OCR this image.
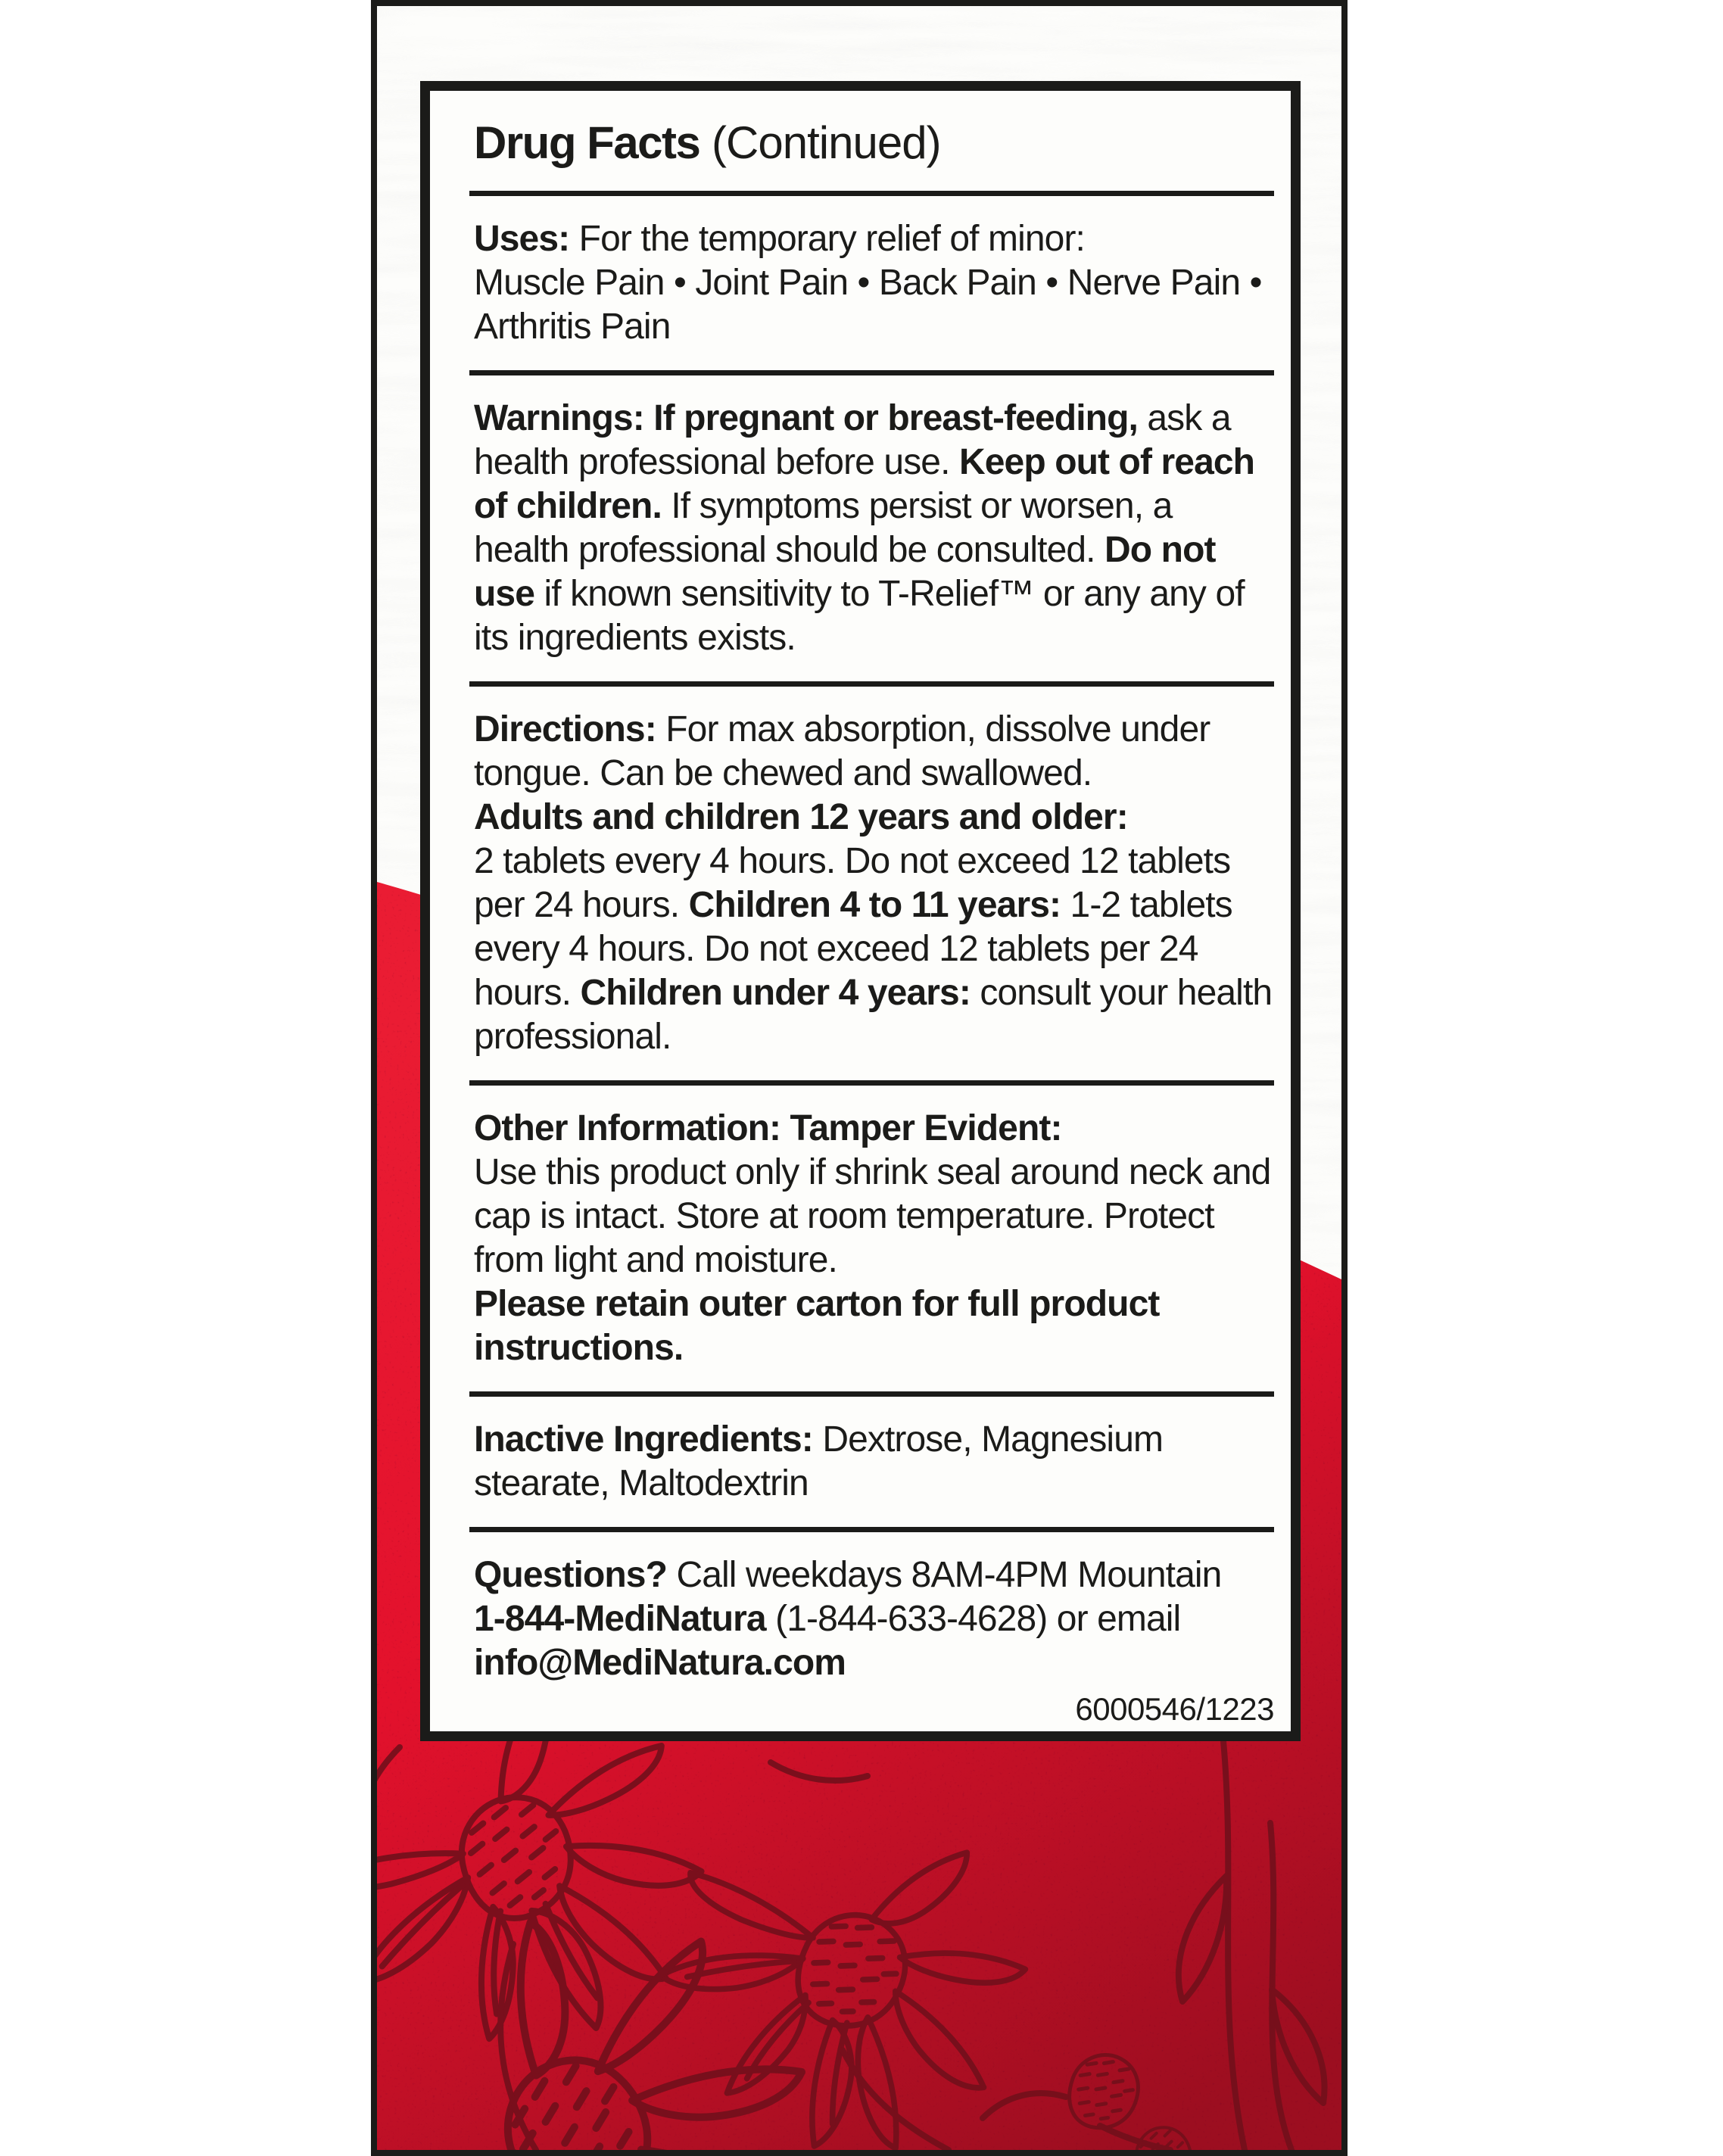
Drug Facts (Continued)

Uses: For the temporary relief of minor:
Muscle Pain • Joint Pain • Back Pain • Nerve Pain • Arthritis Pain

Warnings: If pregnant or breast-feeding, ask a health professional before use. Keep out of reach of children. If symptoms persist or worsen, a health professional should be consulted. Do not use if known sensitivity to T-Relief™ or any any of its ingredients exists.

Directions: For max absorption, dissolve under tongue. Can be chewed and swallowed.
Adults and children 12 years and older:
2 tablets every 4 hours. Do not exceed 12 tablets per 24 hours. Children 4 to 11 years: 1-2 tablets every 4 hours. Do not exceed 12 tablets per 24 hours. Children under 4 years: consult your health professional.

Other Information: Tamper Evident:
Use this product only if shrink seal around neck and cap is intact. Store at room temperature. Protect from light and moisture.
Please retain outer carton for full product instructions.

Inactive Ingredients: Dextrose, Magnesium stearate, Maltodextrin

Questions? Call weekdays 8AM-4PM Mountain
1-844-MediNatura (1-844-633-4628) or email
info@MediNatura.com

6000546/1223
